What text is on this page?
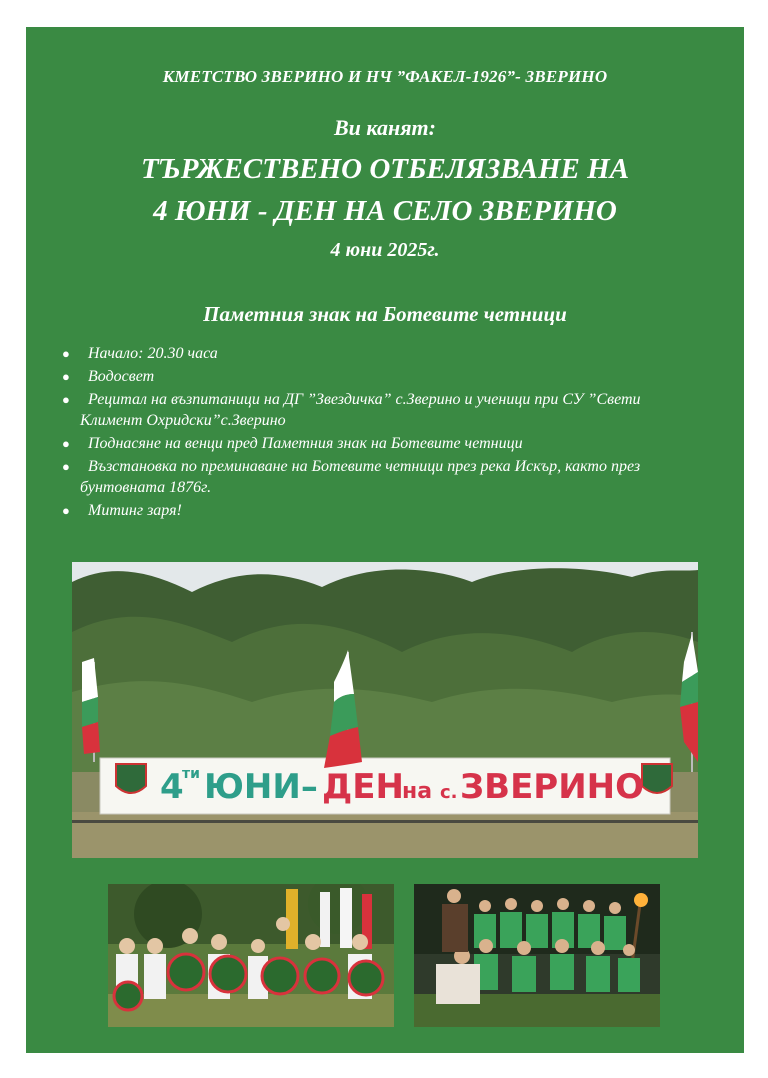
КМЕТСТВО ЗВЕРИНО И НЧ ”ФАКЕЛ-1926”- ЗВЕРИНО
Ви канят:
ТЪРЖЕСТВЕНО ОТБЕЛЯЗВАНЕ НА
4 ЮНИ - ДЕН НА СЕЛО ЗВЕРИНО
4 юни 2025г.
Паметния знак на Ботевите четници
● Начало: 20.30 часа
● Водосвет
● Рецитал на възпитаници на ДГ ”Звездичка” с.Зверино и ученици при СУ ”Свети
Климент Охридски”с.Зверино
● Поднасяне на венци пред Паметния знак на Ботевите четници
● Възстановка по преминаване на Ботевите четници през река Искър, както през
бунтовната 1876г.
● Митинг заря!
4
ти ЮНИ– ДЕН
на с. ЗВЕРИНО
